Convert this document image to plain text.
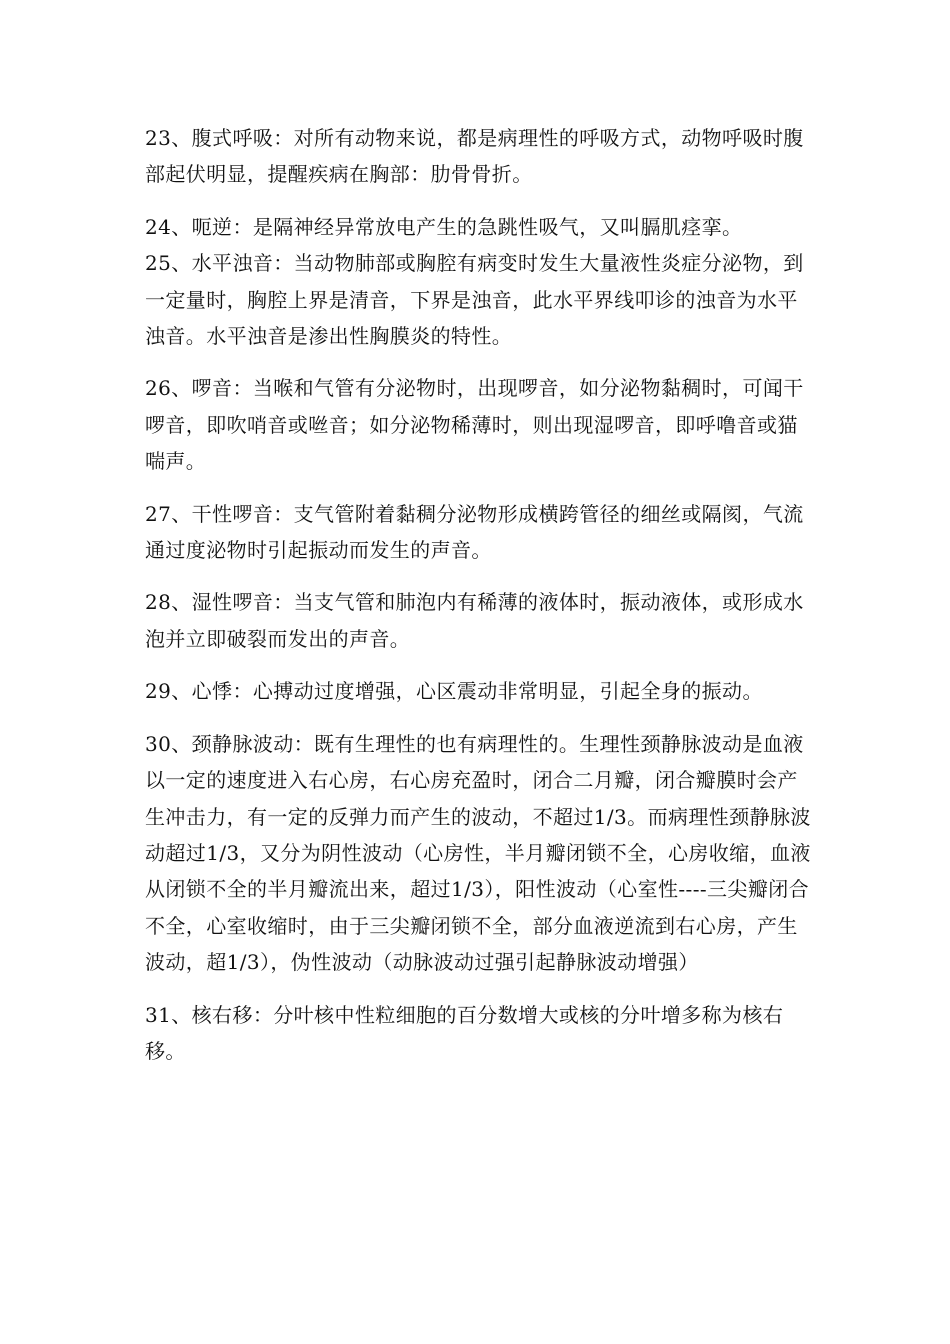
23、腹式呼吸：对所有动物来说，都是病理性的呼吸方式，动物呼吸时腹部起伏明显，提醒疾病在胸部：肋骨骨折。

24、呃逆：是隔神经异常放电产生的急跳性吸气，又叫膈肌痉挛。

25、水平浊音：当动物肺部或胸腔有病变时发生大量液性炎症分泌物，到一定量时，胸腔上界是清音，下界是浊音，此水平界线叩诊的浊音为水平浊音。水平浊音是渗出性胸膜炎的特性。

26、啰音：当喉和气管有分泌物时，出现啰音，如分泌物黏稠时，可闻干啰音，即吹哨音或咝音；如分泌物稀薄时，则出现湿啰音，即呼噜音或猫喘声。

27、干性啰音：支气管附着黏稠分泌物形成横跨管径的细丝或隔阂，气流通过度泌物时引起振动而发生的声音。

28、湿性啰音：当支气管和肺泡内有稀薄的液体时，振动液体，或形成水泡并立即破裂而发出的声音。

29、心悸：心搏动过度增强，心区震动非常明显，引起全身的振动。

30、颈静脉波动：既有生理性的也有病理性的。生理性颈静脉波动是血液以一定的速度进入右心房，右心房充盈时，闭合二月瓣，闭合瓣膜时会产生冲击力，有一定的反弹力而产生的波动，不超过1/3。而病理性颈静脉波动超过1/3，又分为阴性波动（心房性，半月瓣闭锁不全，心房收缩，血液从闭锁不全的半月瓣流出来，超过1/3），阳性波动（心室性----三尖瓣闭合不全，心室收缩时，由于三尖瓣闭锁不全，部分血液逆流到右心房，产生波动，超1/3），伪性波动（动脉波动过强引起静脉波动增强）

31、核右移：分叶核中性粒细胞的百分数增大或核的分叶增多称为核右移。
